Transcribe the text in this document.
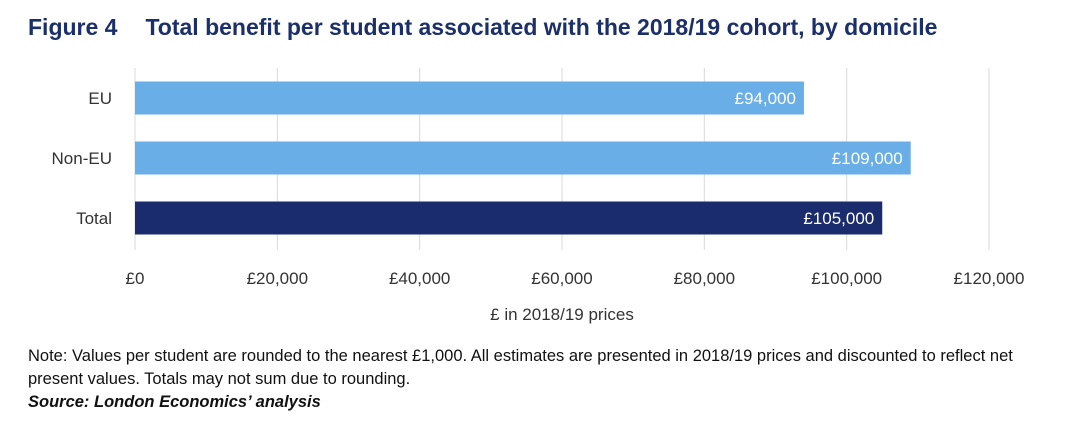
Figure 4 Total benefit per student associated with the 2018/19 cohort, by domicile
£94,000
£109,000
£105,000
EU
Non-EU
Total
£0	£20,000	£40,000	£60,000	£80,000	£100,000	£120,000
£ in 2018/19 prices
Note: Values per student are rounded to the nearest £1,000. All estimates are presented in 2018/19 prices and discounted to reflect net present values. Totals may not sum due to rounding.
Source: London Economics’ analysis
